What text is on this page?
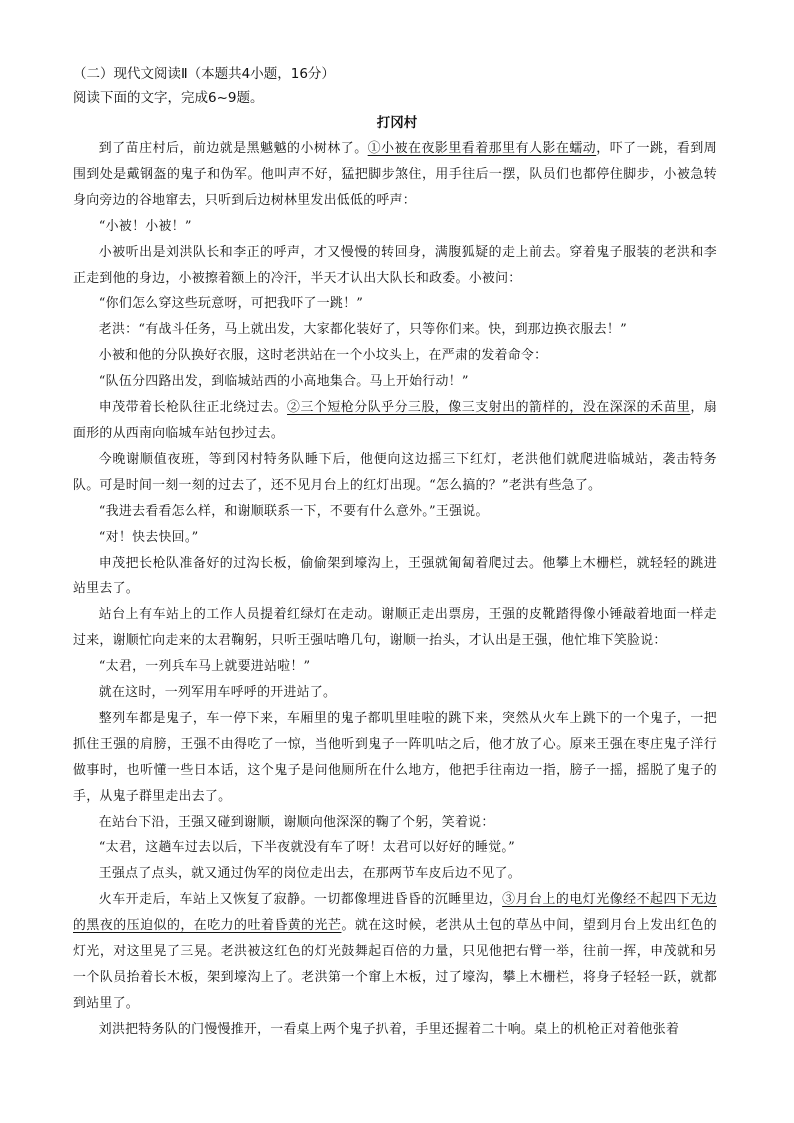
（二）现代文阅读Ⅱ（本题共4小题，16分）
阅读下面的文字，完成6~9题。
打冈村

到了苗庄村后，前边就是黑魆魆的小树林了。①小被在夜影里看着那里有人影在蠕动，吓了一跳，看到周围到处是戴钢盔的鬼子和伪军。他叫声不好，猛把脚步煞住，用手往后一摆，队员们也都停住脚步，小被急转身向旁边的谷地窜去，只听到后边树林里发出低低的呼声：

“小被！小被！”

小被听出是刘洪队长和李正的呼声，才又慢慢的转回身，满腹狐疑的走上前去。穿着鬼子服装的老洪和李正走到他的身边，小被擦着额上的冷汗，半天才认出大队长和政委。小被问：

“你们怎么穿这些玩意呀，可把我吓了一跳！”

老洪：“有战斗任务，马上就出发，大家都化装好了，只等你们来。快，到那边换衣服去！”

小被和他的分队换好衣服，这时老洪站在一个小坟头上，在严肃的发着命令：

“队伍分四路出发，到临城站西的小高地集合。马上开始行动！”

申茂带着长枪队往正北绕过去。②三个短枪分队乎分三股，像三支射出的箭样的，没在深深的禾苗里，扇面形的从西南向临城车站包抄过去。

今晚谢顺值夜班，等到冈村特务队睡下后，他便向这边摇三下红灯，老洪他们就爬进临城站，袭击特务队。可是时间一刻一刻的过去了，还不见月台上的红灯出现。“怎么搞的？”老洪有些急了。

“我进去看看怎么样，和谢顺联系一下，不要有什么意外。”王强说。

“对！快去快回。”

申茂把长枪队准备好的过沟长板，偷偷架到壕沟上，王强就匍匐着爬过去。他攀上木栅栏，就轻轻的跳进站里去了。

站台上有车站上的工作人员提着红绿灯在走动。谢顺正走出票房，王强的皮靴踏得像小锤敲着地面一样走过来，谢顺忙向走来的太君鞠躬，只听王强咕噜几句，谢顺一抬头，才认出是王强，他忙堆下笑脸说：

“太君，一列兵车马上就要进站啦！”

就在这时，一列军用车呼呼的开进站了。

整列车都是鬼子，车一停下来，车厢里的鬼子都叽里哇啦的跳下来，突然从火车上跳下的一个鬼子，一把抓住王强的肩膀，王强不由得吃了一惊，当他听到鬼子一阵叽咕之后，他才放了心。原来王强在枣庄鬼子洋行做事时，也听懂一些日本话，这个鬼子是问他厕所在什么地方，他把手往南边一指，膀子一摇，摇脱了鬼子的手，从鬼子群里走出去了。

在站台下沿，王强又碰到谢顺，谢顺向他深深的鞠了个躬，笑着说：

“太君，这趟车过去以后，下半夜就没有车了呀！太君可以好好的睡觉。”

王强点了点头，就又通过伪军的岗位走出去，在那两节车皮后边不见了。

火车开走后，车站上又恢复了寂静。一切都像埋进昏昏的沉睡里边，③月台上的电灯光像经不起四下无边的黑夜的压迫似的，在吃力的吐着昏黄的光芒。就在这时候，老洪从土包的草丛中间，望到月台上发出红色的灯光，对这里晃了三晃。老洪被这红色的灯光鼓舞起百倍的力量，只见他把右臂一举，往前一挥，申茂就和另一个队员抬着长木板，架到壕沟上了。老洪第一个窜上木板，过了壕沟，攀上木栅栏，将身子轻轻一跃，就都到站里了。

刘洪把特务队的门慢慢推开，一看桌上两个鬼子扒着，手里还握着二十响。桌上的机枪正对着他张着
